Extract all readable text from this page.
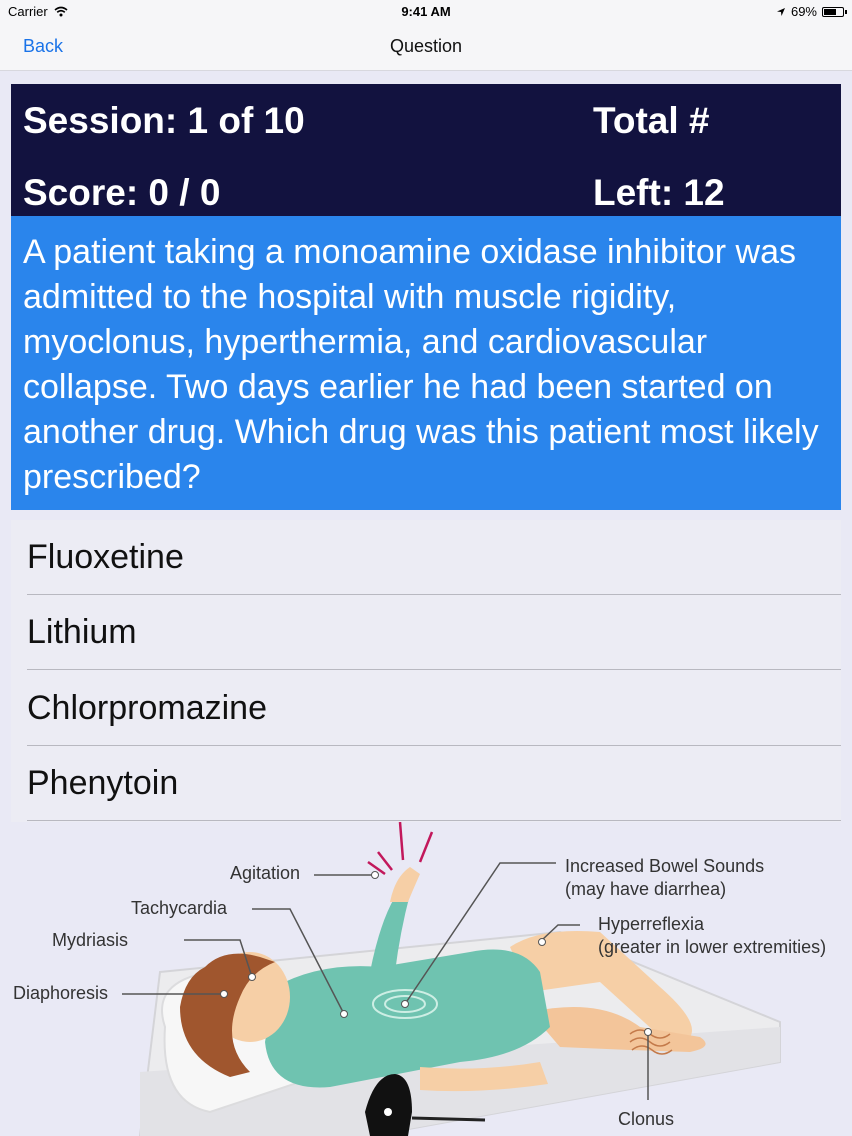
Carrier	9:41 AM	69%
Back	Question
Session: 1 of 10	Total #
Score: 0 / 0	Left: 12
A patient taking a monoamine oxidase inhibitor was admitted to the hospital with muscle rigidity, myoclonus, hyperthermia, and cardiovascular collapse. Two days earlier he had been started on another drug. Which drug was this patient most likely prescribed?
Fluoxetine
Lithium
Chlorpromazine
Phenytoin
Agitation
Tachycardia
Mydriasis
Diaphoresis
Increased Bowel Sounds
(may have diarrhea)
Hyperreflexia
(greater in lower extremities)
Clonus
